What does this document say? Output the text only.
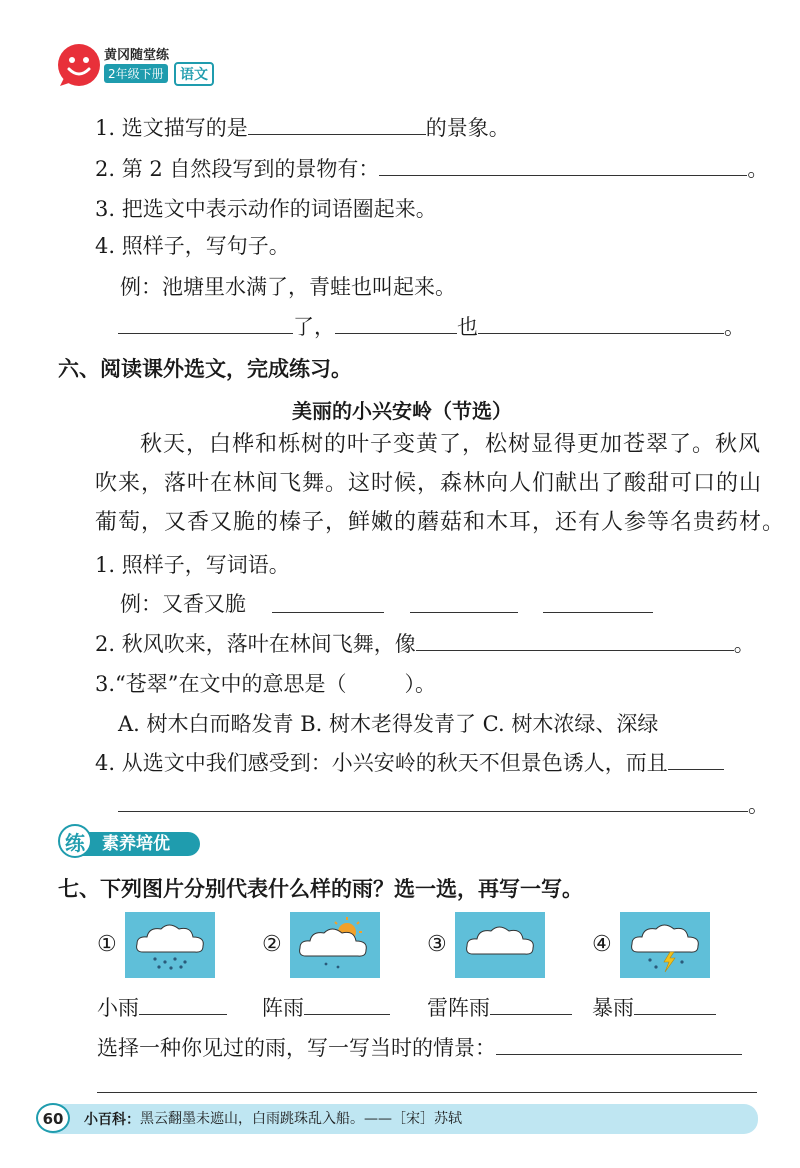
黄冈随堂练
2年级下册	语文
1. 选文描写的是	的景象。
2. 第 2 自然段写到的景物有：	。
3. 把选文中表示动作的词语圈起来。
4. 照样子，写句子。
例：池塘里水满了，青蛙也叫起来。
了，	也	。
六、阅读课外选文，完成练习。
美丽的小兴安岭（节选）
秋天，白桦和栎树的叶子变黄了，松树显得更加苍翠了。秋风
吹来，落叶在林间飞舞。这时候，森林向人们献出了酸甜可口的山
葡萄，又香又脆的榛子，鲜嫩的蘑菇和木耳，还有人参等名贵药材。
1. 照样子，写词语。
例：又香又脆
2. 秋风吹来，落叶在林间飞舞，像	。
3.“苍翠”在文中的意思是（	）。
A. 树木白而略发青 B. 树木老得发青了 C. 树木浓绿、深绿
4. 从选文中我们感受到：小兴安岭的秋天不但景色诱人，而且
。
练	素养培优
七、下列图片分别代表什么样的雨？选一选，再写一写。
①	②	③	④
小雨	阵雨	雷阵雨	暴雨
选择一种你见过的雨，写一写当时的情景：
60	小百科： 黑云翻墨未遮山，白雨跳珠乱入船。——［宋］苏轼
